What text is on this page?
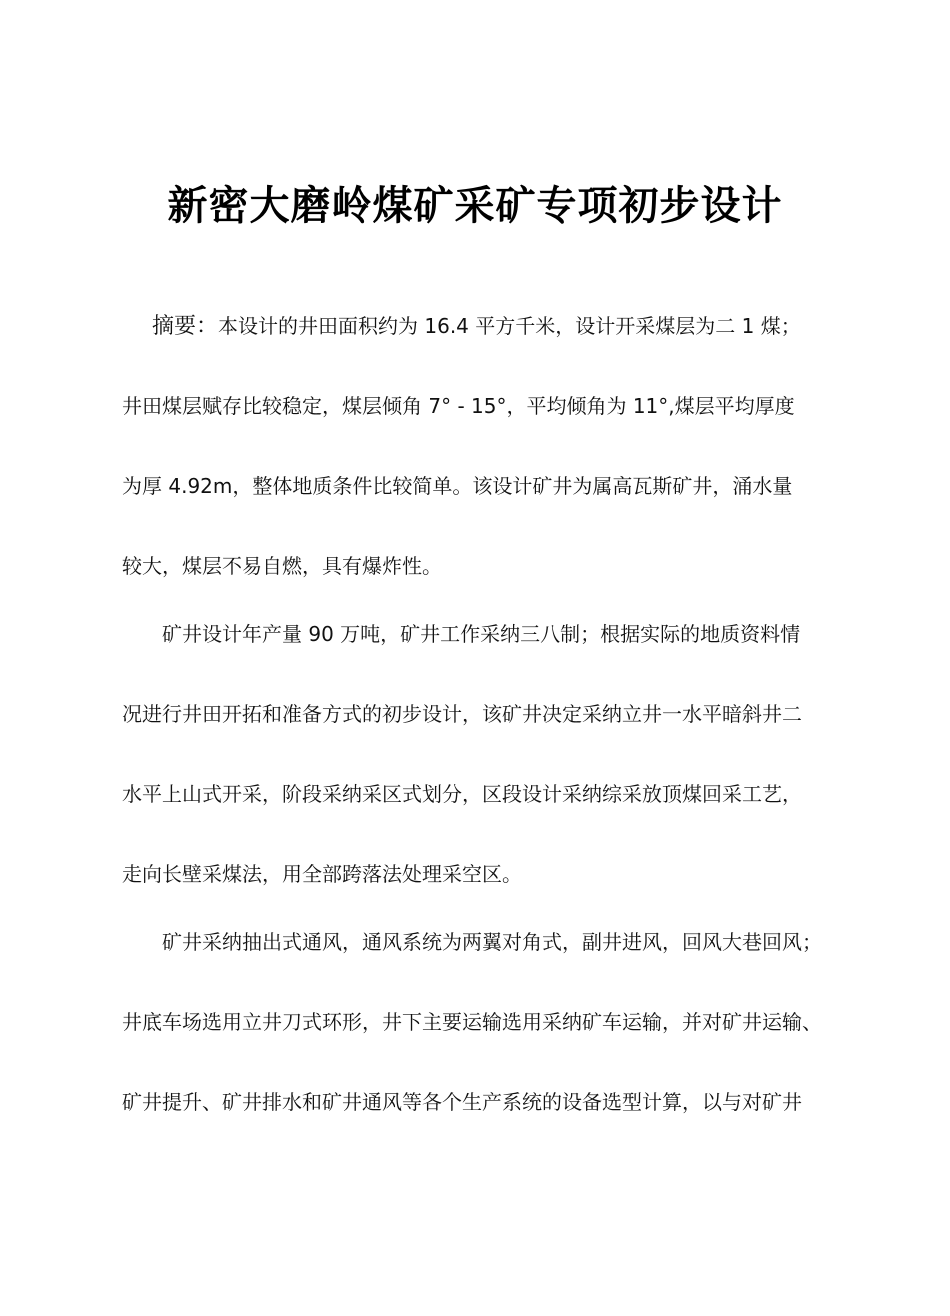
新密大磨岭煤矿采矿专项初步设计
摘要：本设计的井田面积约为 16.4 平方千米，设计开采煤层为二 1 煤；
井田煤层赋存比较稳定，煤层倾角 7° - 15°，平均倾角为 11°,煤层平均厚度
为厚 4.92m，整体地质条件比较简单。该设计矿井为属高瓦斯矿井，涌水量
较大，煤层不易自燃，具有爆炸性。
矿井设计年产量 90 万吨，矿井工作采纳三八制；根据实际的地质资料情
况进行井田开拓和准备方式的初步设计，该矿井决定采纳立井一水平暗斜井二
水平上山式开采，阶段采纳采区式划分，区段设计采纳综采放顶煤回采工艺，
走向长壁采煤法，用全部跨落法处理采空区。
矿井采纳抽出式通风，通风系统为两翼对角式，副井进风，回风大巷回风；
井底车场选用立井刀式环形，井下主要运输选用采纳矿车运输，并对矿井运输、
矿井提升、矿井排水和矿井通风等各个生产系统的设备选型计算，以与对矿井
